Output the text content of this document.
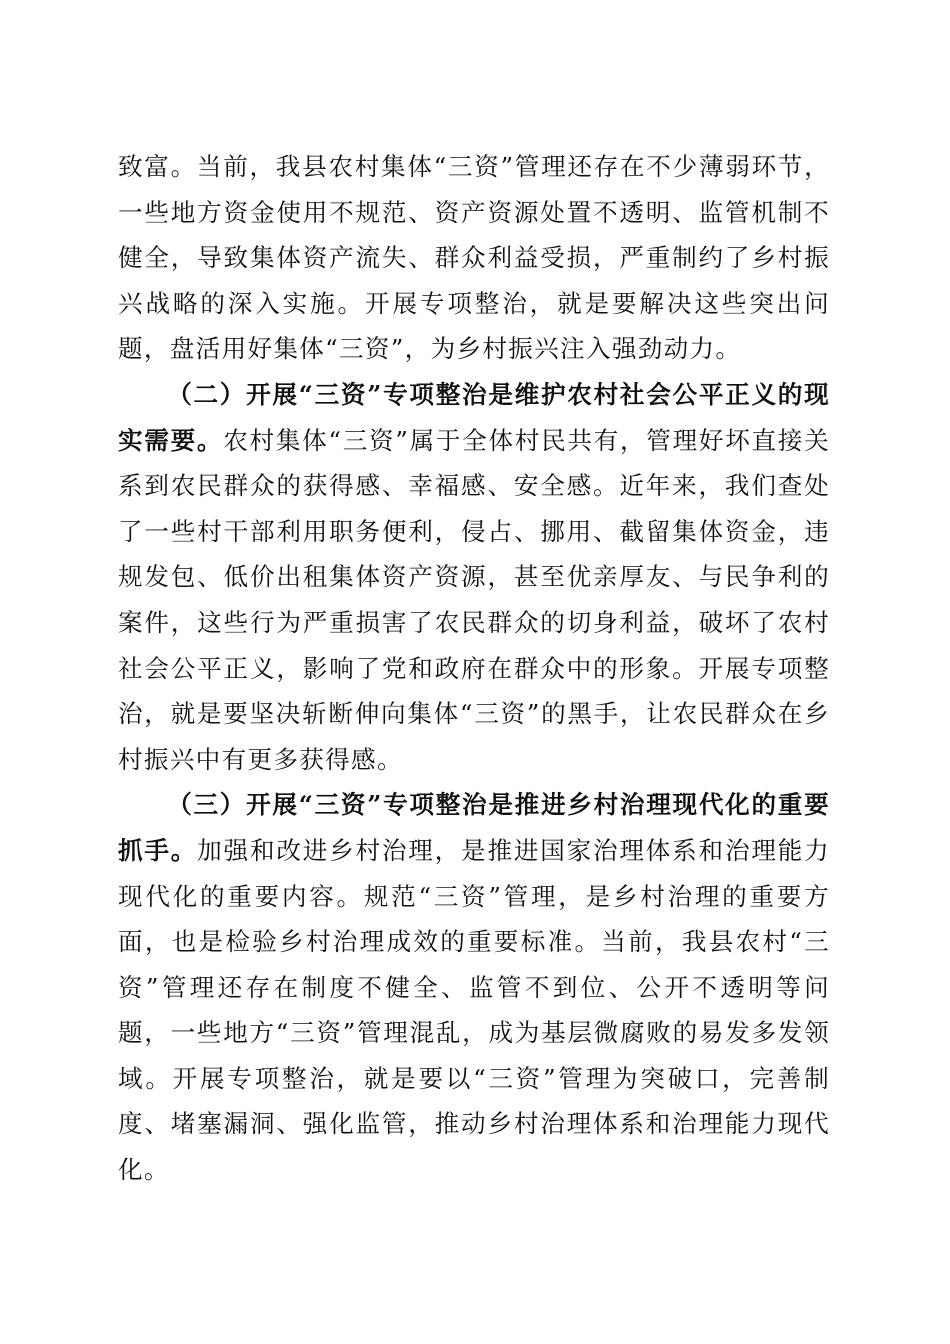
致富。当前，我县农村集体“三资”管理还存在不少薄弱环节，一些地方资金使用不规范、资产资源处置不透明、监管机制不健全，导致集体资产流失、群众利益受损，严重制约了乡村振兴战略的深入实施。开展专项整治，就是要解决这些突出问题，盘活用好集体“三资”，为乡村振兴注入强劲动力。

（二）开展“三资”专项整治是维护农村社会公平正义的现实需要。农村集体“三资”属于全体村民共有，管理好坏直接关系到农民群众的获得感、幸福感、安全感。近年来，我们查处了一些村干部利用职务便利，侵占、挪用、截留集体资金，违规发包、低价出租集体资产资源，甚至优亲厚友、与民争利的案件，这些行为严重损害了农民群众的切身利益，破坏了农村社会公平正义，影响了党和政府在群众中的形象。开展专项整治，就是要坚决斩断伸向集体“三资”的黑手，让农民群众在乡村振兴中有更多获得感。

（三）开展“三资”专项整治是推进乡村治理现代化的重要抓手。加强和改进乡村治理，是推进国家治理体系和治理能力现代化的重要内容。规范“三资”管理，是乡村治理的重要方面，也是检验乡村治理成效的重要标准。当前，我县农村“三资”管理还存在制度不健全、监管不到位、公开不透明等问题，一些地方“三资”管理混乱，成为基层微腐败的易发多发领域。开展专项整治，就是要以“三资”管理为突破口，完善制度、堵塞漏洞、强化监管，推动乡村治理体系和治理能力现代化。
